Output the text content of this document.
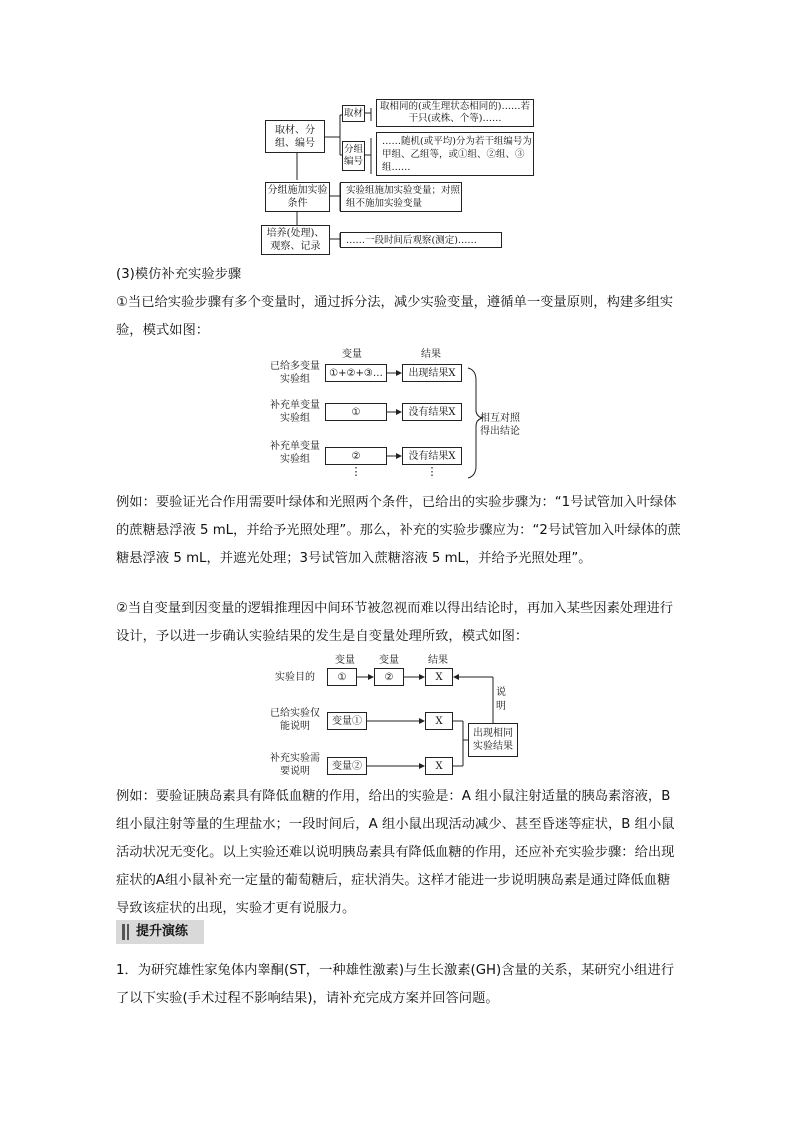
取材、分组、编号
取材
取相同的(或生理状态相同的)……若干只(或株、个等)……
分组编号
……随机(或平均)分为若干组编号为甲组、乙组等，或①组、②组、③组……
分组施加实验条件
实验组施加实验变量；对照组不施加实验变量
培养(处理)、观察、记录
……一段时间后观察(测定)……
(3)模仿补充实验步骤
①当已给实验步骤有多个变量时，通过拆分法，减少实验变量，遵循单一变量原则，构建多组实验，模式如图：
变量	结果
已给多变量实验组
①+②+③…	出现结果X
补充单变量实验组
①	没有结果X
补充单变量实验组	②	没有结果X
⋮	⋮
相互对照得出结论
例如：要验证光合作用需要叶绿体和光照两个条件，已给出的实验步骤为：“1号试管加入叶绿体的蔗糖悬浮液 5 mL，并给予光照处理”。那么，补充的实验步骤应为：“2号试管加入叶绿体的蔗糖悬浮液 5 mL，并遮光处理；3号试管加入蔗糖溶液 5 mL，并给予光照处理”。
②当自变量到因变量的逻辑推理因中间环节被忽视而难以得出结论时，再加入某些因素处理进行设计，予以进一步确认实验结果的发生是自变量处理所致，模式如图：
变量	变量	结果
实验目的	①	②	X
已给实验仅能说明	变量①	X
补充实验需要说明	变量②	X
出现相同实验结果
说明
例如：要验证胰岛素具有降低血糖的作用，给出的实验是：A 组小鼠注射适量的胰岛素溶液，B 组小鼠注射等量的生理盐水；一段时间后，A 组小鼠出现活动减少、甚至昏迷等症状，B 组小鼠活动状况无变化。以上实验还难以说明胰岛素具有降低血糖的作用，还应补充实验步骤：给出现症状的A组小鼠补充一定量的葡萄糖后，症状消失。这样才能进一步说明胰岛素是通过降低血糖导致该症状的出现，实验才更有说服力。
提升演练
1．为研究雄性家兔体内睾酮(ST，一种雄性激素)与生长激素(GH)含量的关系，某研究小组进行了以下实验(手术过程不影响结果)，请补充完成方案并回答问题。
